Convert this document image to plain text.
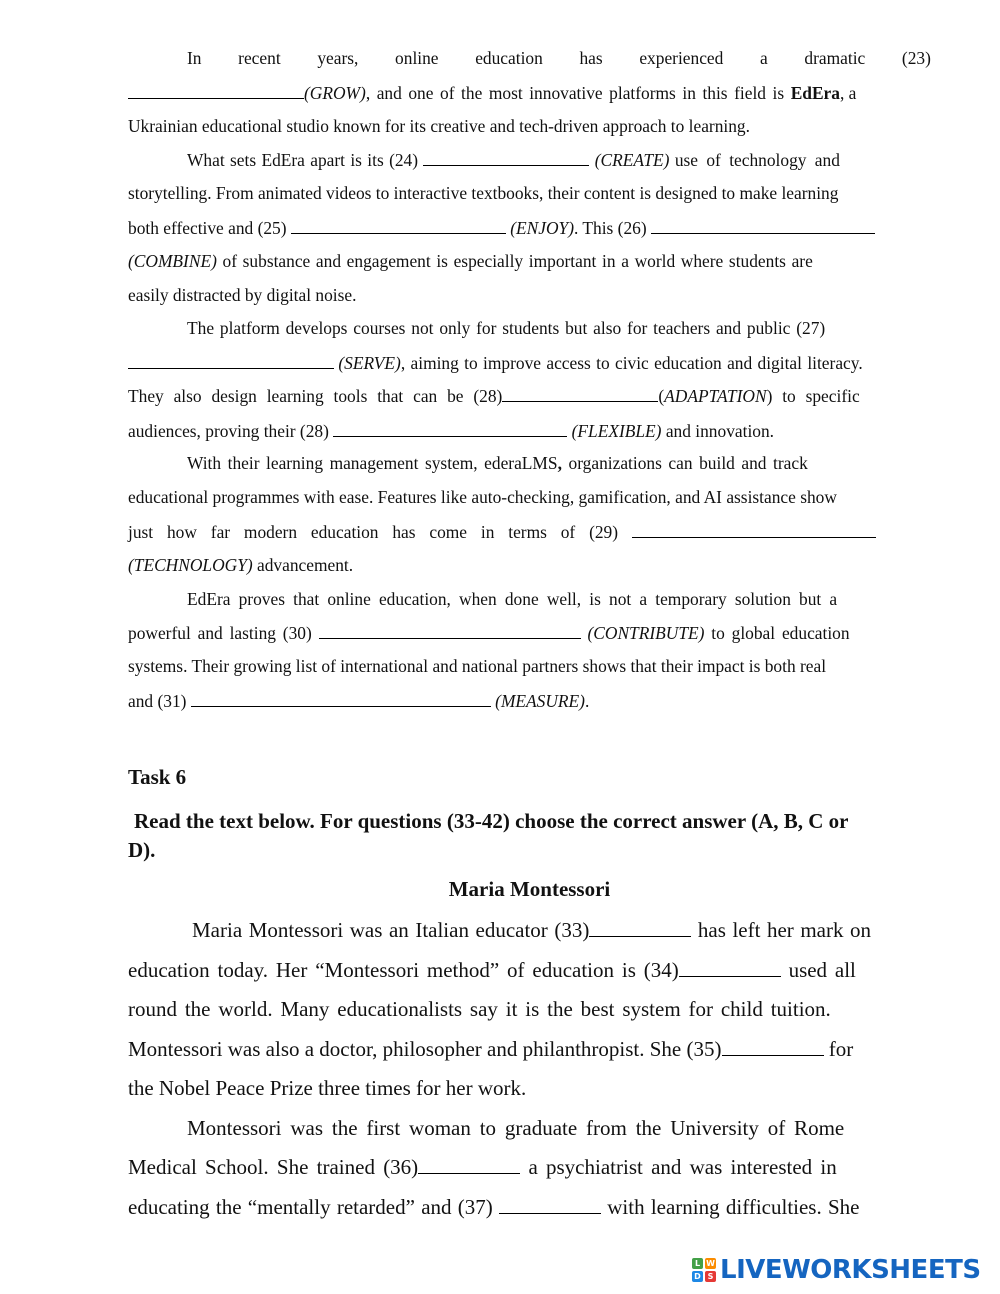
In recent years, online education has experienced a dramatic (23)
(GROW), and one of the most innovative platforms in this field is EdEra, a
Ukrainian educational studio known for its creative and tech-driven approach to learning.
What sets EdEra apart is its (24)	(CREATE) use of technology and
storytelling. From animated videos to interactive textbooks, their content is designed to make learning
both effective and (25)	(ENJOY). This (26)
(COMBINE) of substance and engagement is especially important in a world where students are
easily distracted by digital noise.
The platform develops courses not only for students but also for teachers and public (27)
(SERVE), aiming to improve access to civic education and digital literacy.
They also design learning tools that can be (28)	(ADAPTATION) to specific
audiences, proving their (28)	(FLEXIBLE) and innovation.
With their learning management system, ederaLMS, organizations can build and track
educational programmes with ease. Features like auto-checking, gamification, and AI assistance show
just how far modern education has come in terms of (29)
(TECHNOLOGY) advancement.
EdEra proves that online education, when done well, is not a temporary solution but a
powerful and lasting (30)	(CONTRIBUTE) to global education
systems. Their growing list of international and national partners shows that their impact is both real
and (31)	(MEASURE).
Task 6
Read the text below. For questions (33-42) choose the correct answer (A, B, C or
D).
Maria Montessori
Maria Montessori was an Italian educator (33)	has left her mark on
education today. Her “Montessori method” of education is (34)	used all
round the world. Many educationalists say it is the best system for child tuition.
Montessori was also a doctor, philosopher and philanthropist. She (35)	for
the Nobel Peace Prize three times for her work.
Montessori was the first woman to graduate from the University of Rome
Medical School. She trained (36)	a psychiatrist and was interested in
educating the “mentally retarded” and (37)	with learning difficulties. She
L W
D S LIVEWORKSHEETS
